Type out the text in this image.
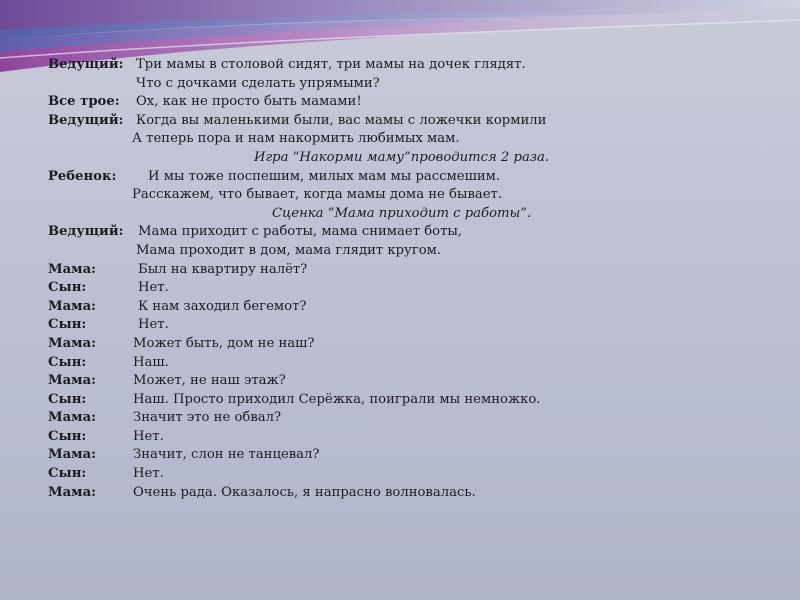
Ведущий: Три мамы в столовой сидят, три мамы на дочек глядят.
Что с дочками сделать упрямыми?
Все трое: Ох, как не просто быть мамами!
Ведущий: Когда вы маленькими были, вас мамы с ложечки кормили
А теперь пора и нам накормить любимых мам.
Игра “Накорми маму”проводится 2 раза.
Ребенок: И мы тоже поспешим, милых мам мы рассмешим.
Расскажем, что бывает, когда мамы дома не бывает.
Сценка “Мама приходит с работы”.
Ведущий: Мама приходит с работы, мама снимает боты,
Мама проходит в дом, мама глядит кругом.
Мама:	Был на квартиру налёт?
Сын:	Нет.
Мама:	К нам заходил бегемот?
Сын:	Нет.
Мама:	Может быть, дом не наш?
Сын:	Наш.
Мама:	Может, не наш этаж?
Сын:	Наш. Просто приходил Серёжка, поиграли мы немножко.
Мама:	Значит это не обвал?
Сын:	Нет.
Мама:	Значит, слон не танцевал?
Сын:	Нет.
Мама:	Очень рада. Оказалось, я напрасно волновалась.
